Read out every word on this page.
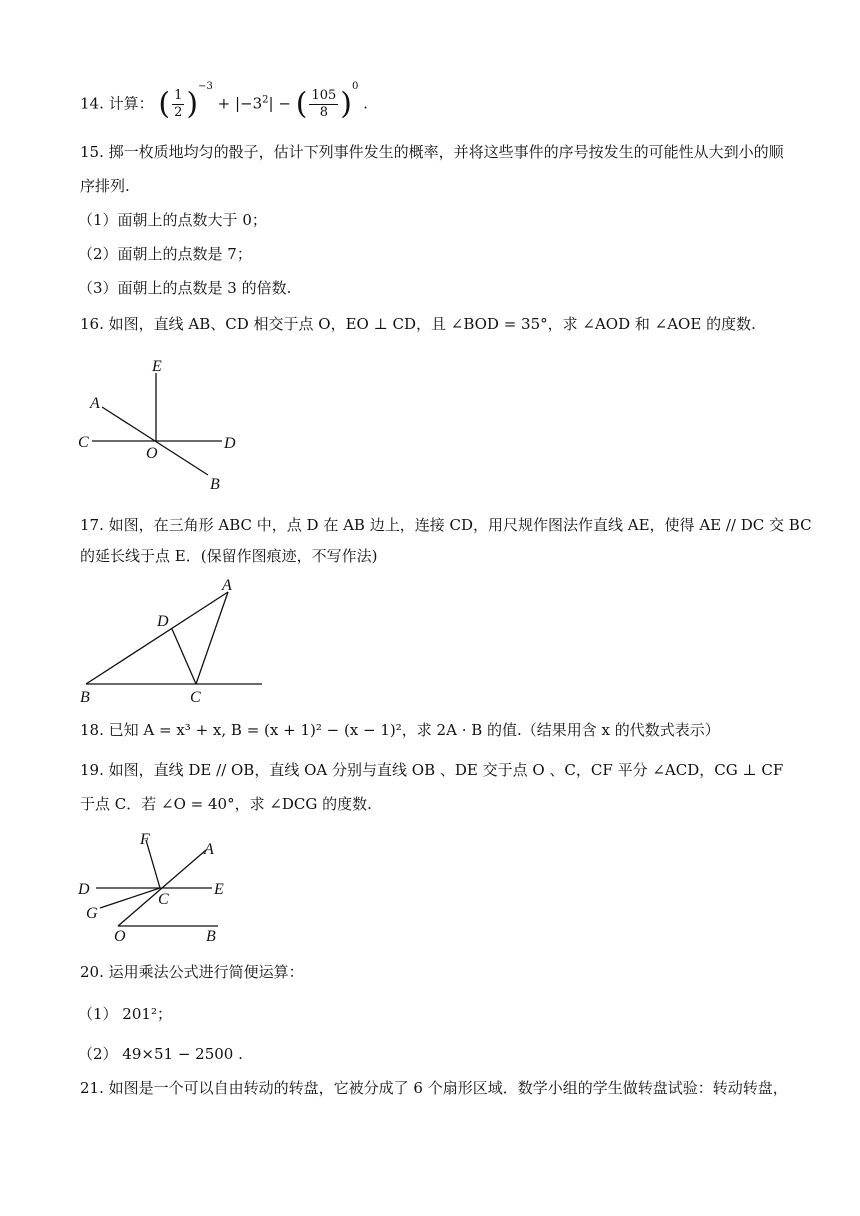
14. 计算： ( $\frac{1}{2} )^{-3} + |-3^2|$ − ( $\frac{105}{8} )^0$ .
15. 掷一枚质地均匀的骰子，估计下列事件发生的概率，并将这些事件的序号按发生的可能性从大到小的顺
序排列.
（1）面朝上的点数大于 0；
（2）面朝上的点数是 7；
（3）面朝上的点数是 3 的倍数.
16. 如图，直线 AB、CD 相交于点 O，EO ⊥ CD，且 ∠BOD = 35°，求 ∠AOD 和 ∠AOE 的度数.
E
A
C
O
D
B
17. 如图，在三角形 ABC 中，点 D 在 AB 边上，连接 CD，用尺规作图法作直线 AE，使得 AE // DC 交 BC
的延长线于点 E．(保留作图痕迹，不写作法)
A
D
B	C
18. 已知 A = x³ + x, B = (x + 1)² − (x − 1)²，求 2A · B 的值.（结果用含 x 的代数式表示）
19. 如图，直线 DE // OB，直线 OA 分别与直线 OB 、DE 交于点 O 、C，CF 平分 ∠ACD，CG ⊥ CF
于点 C．若 ∠O = 40°，求 ∠DCG 的度数.
F
A
D
C
E
G
O	B
20. 运用乘法公式进行简便运算：
（1） 201²；
（2） 49×51 − 2500 .
21. 如图是一个可以自由转动的转盘，它被分成了 6 个扇形区域．数学小组的学生做转盘试验：转动转盘，
